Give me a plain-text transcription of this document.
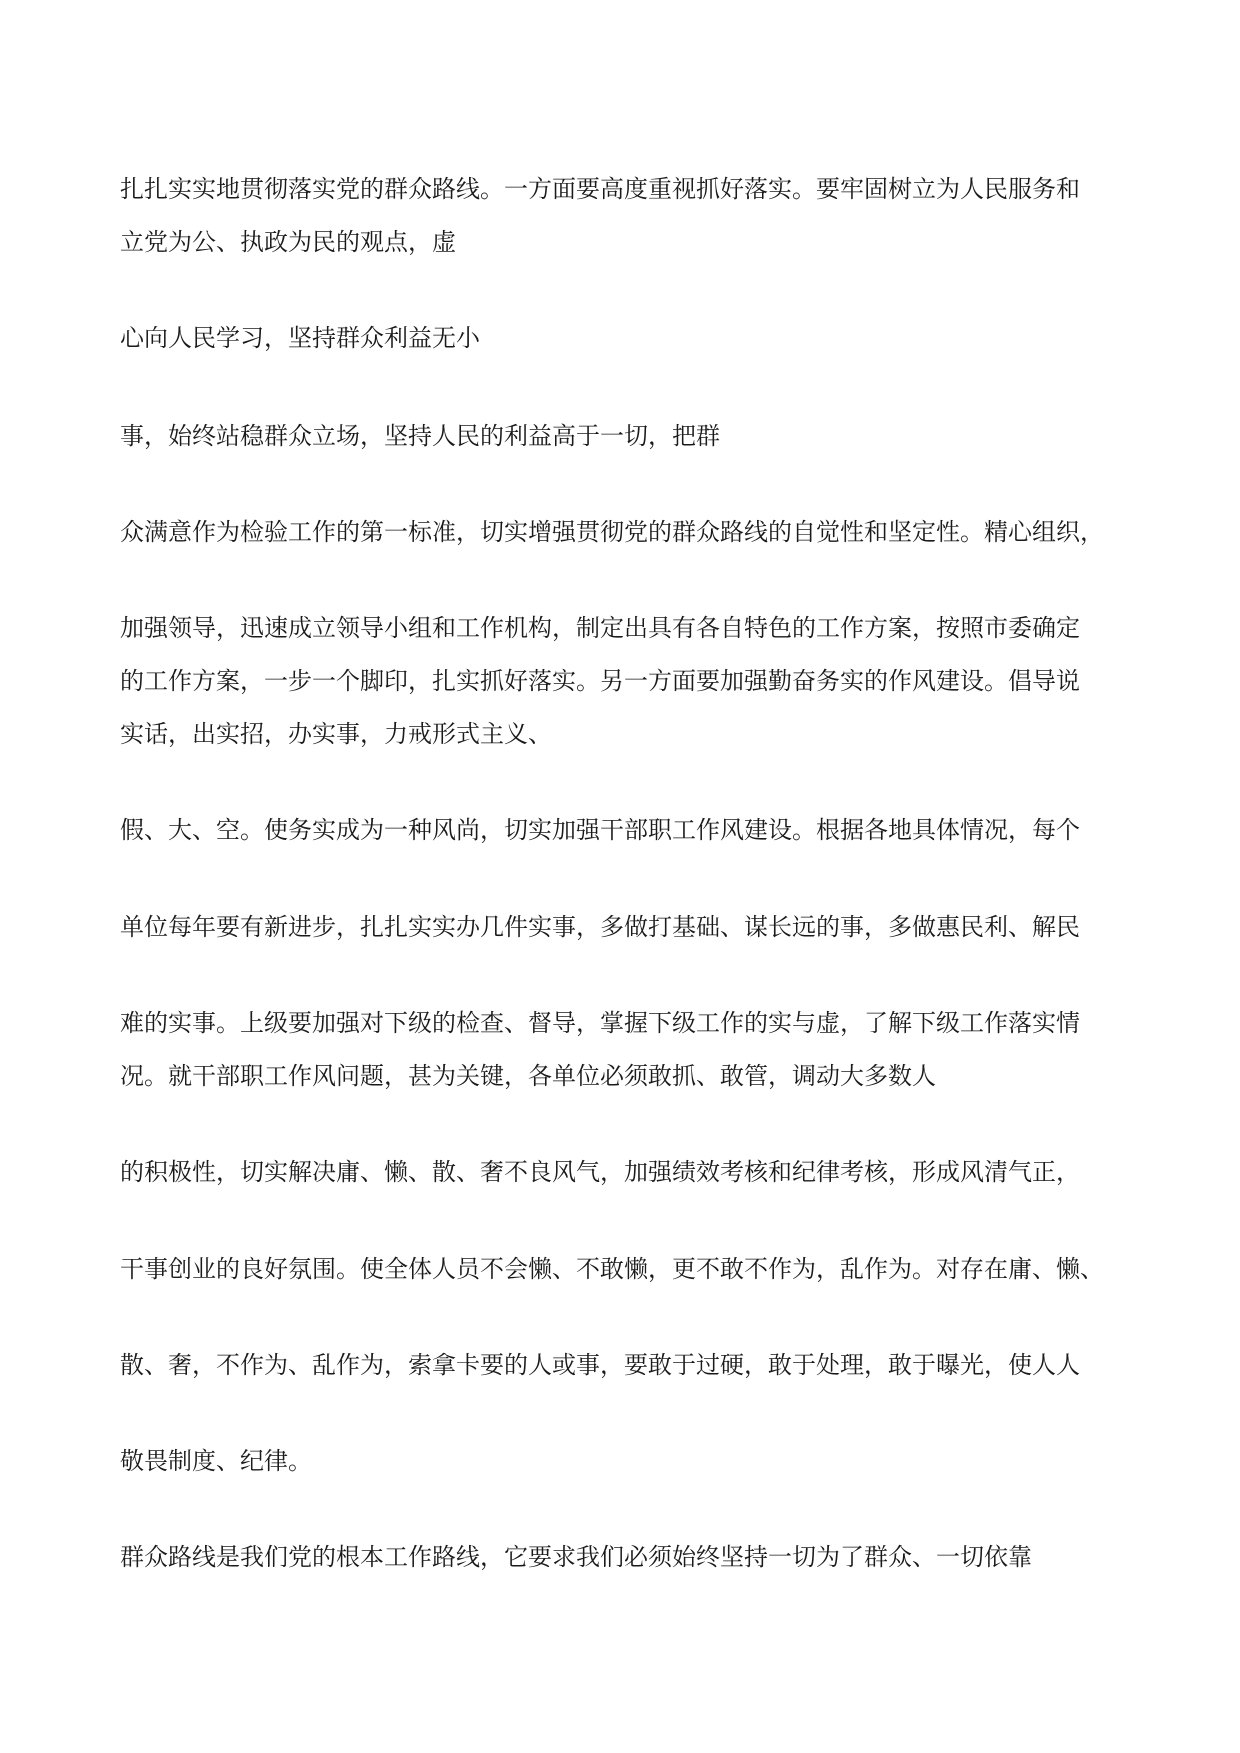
扎扎实实地贯彻落实党的群众路线。一方面要高度重视抓好落实。要牢固树立为人民服务和

立党为公、执政为民的观点，虚

心向人民学习，坚持群众利益无小

事，始终站稳群众立场，坚持人民的利益高于一切，把群

众满意作为检验工作的第一标准，切实增强贯彻党的群众路线的自觉性和坚定性。精心组织，

加强领导，迅速成立领导小组和工作机构，制定出具有各自特色的工作方案，按照市委确定

的工作方案，一步一个脚印，扎实抓好落实。另一方面要加强勤奋务实的作风建设。倡导说

实话，出实招，办实事，力戒形式主义、

假、大、空。使务实成为一种风尚，切实加强干部职工作风建设。根据各地具体情况，每个

单位每年要有新进步，扎扎实实办几件实事，多做打基础、谋长远的事，多做惠民利、解民

难的实事。上级要加强对下级的检查、督导，掌握下级工作的实与虚，了解下级工作落实情

况。就干部职工作风问题，甚为关键，各单位必须敢抓、敢管，调动大多数人

的积极性，切实解决庸、懒、散、奢不良风气，加强绩效考核和纪律考核，形成风清气正，

干事创业的良好氛围。使全体人员不会懒、不敢懒，更不敢不作为，乱作为。对存在庸、懒、

散、奢，不作为、乱作为，索拿卡要的人或事，要敢于过硬，敢于处理，敢于曝光，使人人

敬畏制度、纪律。

群众路线是我们党的根本工作路线，它要求我们必须始终坚持一切为了群众、一切依靠
